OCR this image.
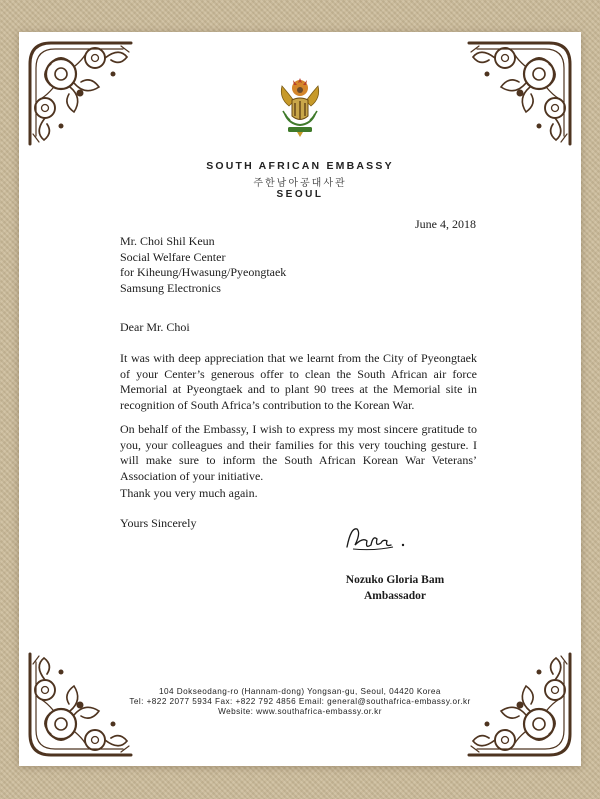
SOUTH AFRICAN EMBASSY
주한남아공대사관
SEOUL
June 4, 2018
Mr. Choi Shil Keun
Social Welfare Center
for Kiheung/Hwasung/Pyeongtaek
Samsung Electronics
Dear Mr. Choi
It was with deep appreciation that we learnt from the City of Pyeongtaek of your Center’s generous offer to clean the South African air force Memorial at Pyeongtaek and to plant 90 trees at the Memorial site in recognition of South Africa’s contribution to the Korean War.
On behalf of the Embassy, I wish to express my most sincere gratitude to you, your colleagues and their families for this very touching gesture. I will make sure to inform the South African Korean War Veterans’ Association of your initiative.
Thank you very much again.
Yours Sincerely
Nozuko Gloria Bam
Ambassador
104 Dokseodang-ro (Hannam-dong) Yongsan-gu, Seoul, 04420 Korea
Tel: +822 2077 5934 Fax: +822 792 4856 Email: general@southafrica-embassy.or.kr
Website: www.southafrica-embassy.or.kr
